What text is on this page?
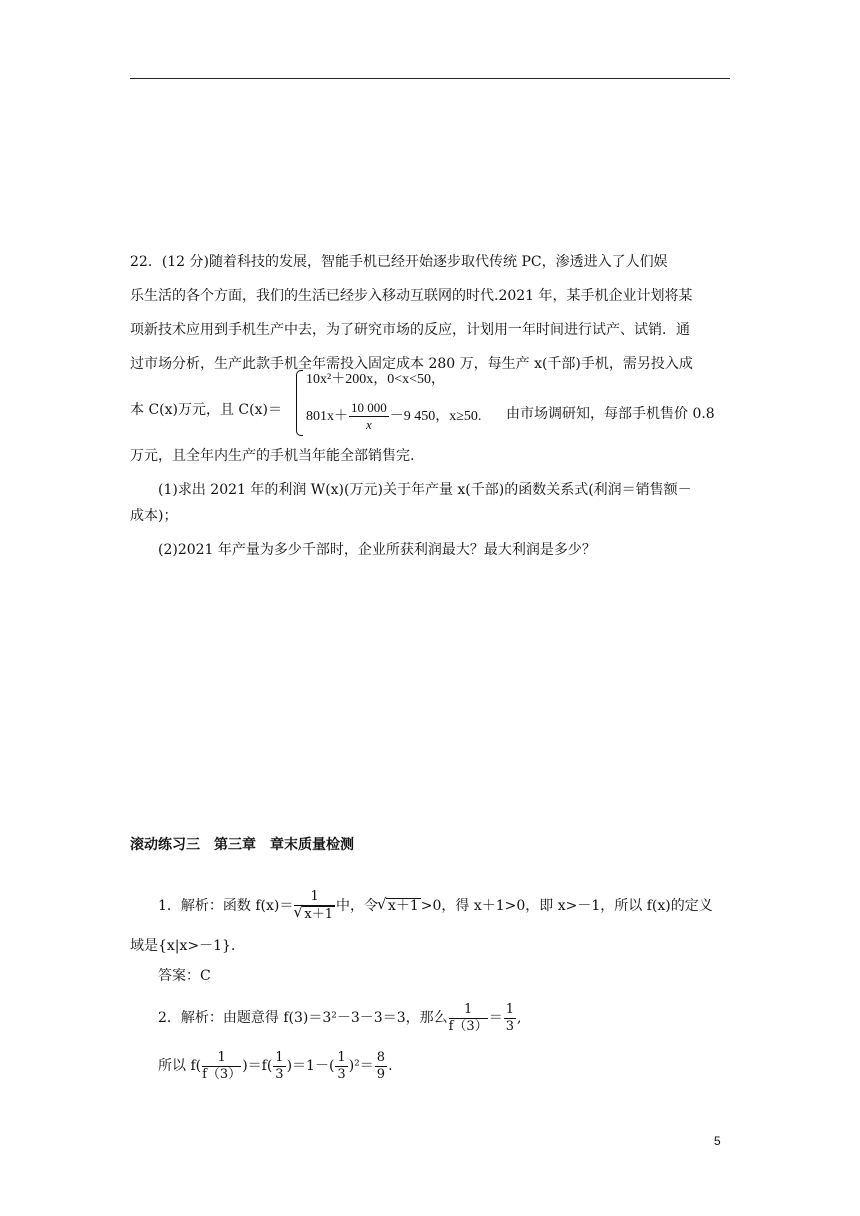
22．(12 分)随着科技的发展，智能手机已经开始逐步取代传统 PC，渗透进入了人们娱
乐生活的各个方面，我们的生活已经步入移动互联网的时代.2021 年，某手机企业计划将某
项新技术应用到手机生产中去，为了研究市场的反应，计划用一年时间进行试产、试销．通
过市场分析，生产此款手机全年需投入固定成本 280 万，每生产 x(千部)手机，需另投入成
本 C(x)万元，且 C(x)＝
10x²＋200x，0<x<50，
$801x+ \frac{10 000}{x} -9$ 450，x≥50.	由市场调研知，每部手机售价 0.8
万元，且全年内生产的手机当年能全部销售完.
(1)求出 2021 年的利润 W(x)(万元)关于年产量 x(千部)的函数关系式(利润＝销售额－
成本)；
(2)2021 年产量为多少千部时，企业所获利润最大？最大利润是多少？
滚动练习三　第三章　章末质量检测
1．解析：函数 f(x)＝ 1
√ x＋1 中，令√ x＋1 >0，得 x＋1>0，即 x>－1，所以 f(x)的定义
域是{x|x>－1}．
答案：C
2．解析：由题意得 f(3)＝3²－3－3＝3，那么 $\frac{1}{f(3)} = \frac{1}{3}$ ,
所以 $f( \frac{1}{f(3)} )=f( \frac{1}{3} )=1-( \frac{1}{3} )^2= \frac{8}{9}$ .
5
